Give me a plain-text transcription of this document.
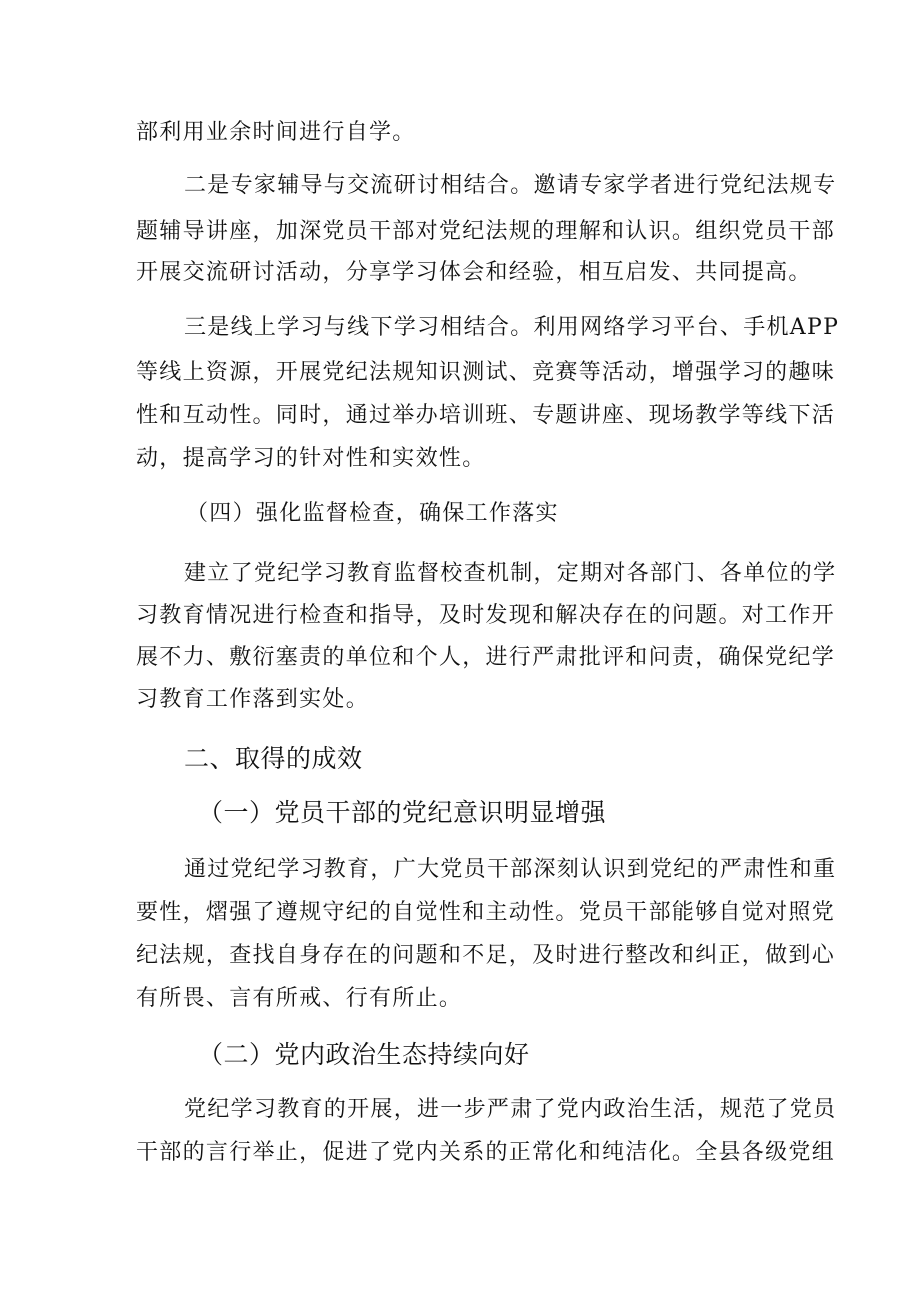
部利用业余时间进行自学。
二是专家辅导与交流研讨相结合。邀请专家学者进行党纪法规专
题辅导讲座，加深党员干部对党纪法规的理解和认识。组织党员干部
开展交流研讨活动，分享学习体会和经验，相互启发、共同提高。
三是线上学习与线下学习相结合。利用网络学习平台、手机APP
等线上资源，开展党纪法规知识测试、竞赛等活动，增强学习的趣味
性和互动性。同时，通过举办培训班、专题讲座、现场教学等线下活
动，提高学习的针对性和实效性。
（四）强化监督检查，确保工作落实
建立了党纪学习教育监督校查机制，定期对各部门、各单位的学
习教育情况进行检查和指导，及时发现和解决存在的问题。对工作开
展不力、敷衍塞责的单位和个人，进行严肃批评和问责，确保党纪学
习教育工作落到实处。
二、取得的成效
（一）党员干部的党纪意识明显增强
通过党纪学习教育，广大党员干部深刻认识到党纪的严肃性和重
要性，熠强了遵规守纪的自觉性和主动性。党员干部能够自觉对照党
纪法规，查找自身存在的问题和不足，及时进行整改和纠正，做到心
有所畏、言有所戒、行有所止。
（二）党内政治生态持续向好
党纪学习教育的开展，进一步严肃了党内政治生活，规范了党员
干部的言行举止，促进了党内关系的正常化和纯洁化。全县各级党组
